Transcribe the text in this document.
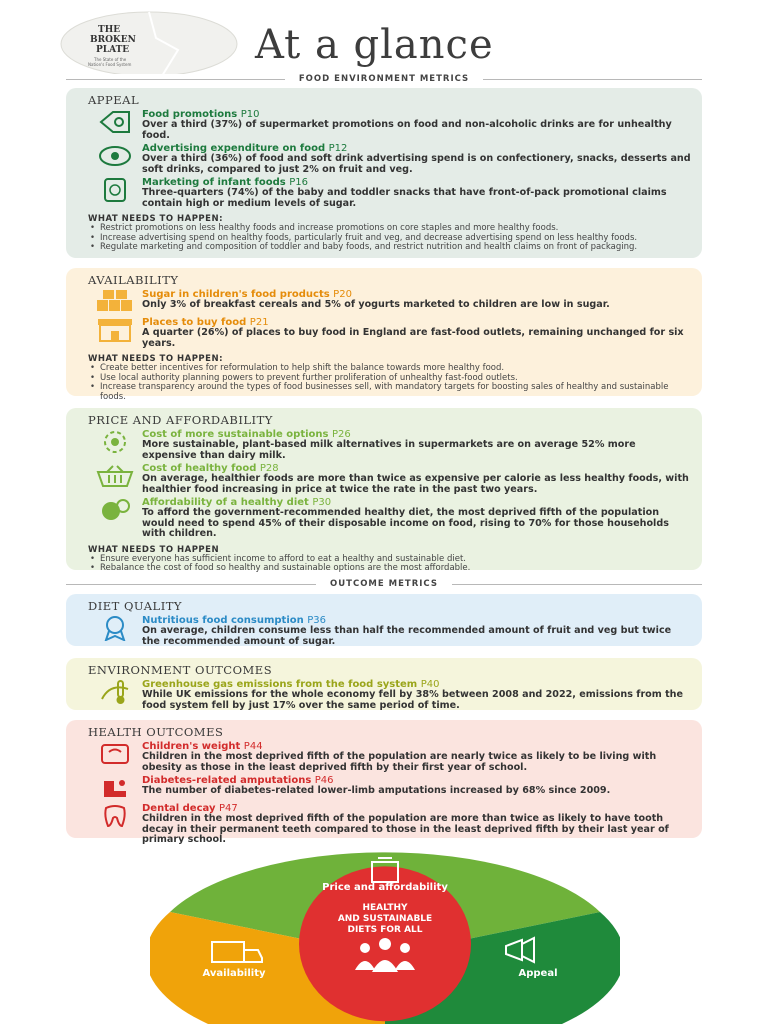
THE
BROKEN
PLATE
The State of the
Nation's Food System	At a glance
FOOD ENVIRONMENT METRICS
APPEAL
Food promotions P10
Over a third (37%) of supermarket promotions on food and non-alcoholic drinks are for unhealthy food.
Advertising expenditure on food P12
Over a third (36%) of food and soft drink advertising spend is on confectionery, snacks, desserts and soft drinks, compared to just 2% on fruit and veg.
Marketing of infant foods P16
Three-quarters (74%) of the baby and toddler snacks that have front-of-pack promotional claims contain high or medium levels of sugar.
WHAT NEEDS TO HAPPEN:
• Restrict promotions on less healthy foods and increase promotions on core staples and more healthy foods.
• Increase advertising spend on healthy foods, particularly fruit and veg, and decrease advertising spend on less healthy foods.
• Regulate marketing and composition of toddler and baby foods, and restrict nutrition and health claims on front of packaging.
AVAILABILITY
Sugar in children's food products P20
Only 3% of breakfast cereals and 5% of yogurts marketed to children are low in sugar.
Places to buy food P21
A quarter (26%) of places to buy food in England are fast-food outlets, remaining unchanged for six years.
WHAT NEEDS TO HAPPEN:
• Create better incentives for reformulation to help shift the balance towards more healthy food.
• Use local authority planning powers to prevent further proliferation of unhealthy fast-food outlets.
• Increase transparency around the types of food businesses sell, with mandatory targets for boosting sales of healthy and sustainable foods.
PRICE AND AFFORDABILITY
Cost of more sustainable options P26
More sustainable, plant-based milk alternatives in supermarkets are on average 52% more expensive than dairy milk.
Cost of healthy food P28
On average, healthier foods are more than twice as expensive per calorie as less healthy foods, with healthier food increasing in price at twice the rate in the past two years.
Affordability of a healthy diet P30
To afford the government-recommended healthy diet, the most deprived fifth of the population would need to spend 45% of their disposable income on food, rising to 70% for those households with children.
WHAT NEEDS TO HAPPEN
• Ensure everyone has sufficient income to afford to eat a healthy and sustainable diet.
• Rebalance the cost of food so healthy and sustainable options are the most affordable.
OUTCOME METRICS
DIET QUALITY
Nutritious food consumption P36
On average, children consume less than half the recommended amount of fruit and veg but twice the recommended amount of sugar.
ENVIRONMENT OUTCOMES
Greenhouse gas emissions from the food system P40
While UK emissions for the whole economy fell by 38% between 2008 and 2022, emissions from the food system fell by just 17% over the same period of time.
HEALTH OUTCOMES
Children's weight P44
Children in the most deprived fifth of the population are nearly twice as likely to be living with obesity as those in the least deprived fifth by their first year of school.
Diabetes-related amputations P46
The number of diabetes-related lower-limb amputations increased by 68% since 2009.
Dental decay P47
Children in the most deprived fifth of the population are more than twice as likely to have tooth decay in their permanent teeth compared to those in the least deprived fifth by their last year of primary school.
Price and affordability
Availability	Appeal
HEALTHY
AND SUSTAINABLE
DIETS FOR ALL
